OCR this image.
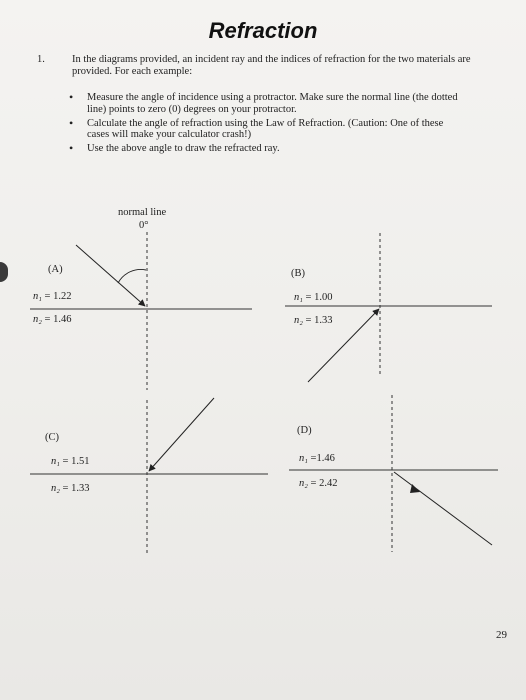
Refraction
1.	In the diagrams provided, an incident ray and the indices of refraction for the two materials are provided. For each example:
• Measure the angle of incidence using a protractor. Make sure the normal line (the dotted line) points to zero (0) degrees on your protractor.
• Calculate the angle of refraction using the Law of Refraction. (Caution: One of these cases will make your calculator crash!)
• Use the above angle to draw the refracted ray.
normal line
0°
(A)
n₁ = 1.22
n₂ = 1.46
(B)
n₁ = 1.00
n₂ = 1.33
(C)
n₁ = 1.51
n₂ = 1.33
(D)
n₁ =1.46
n₂ = 2.42
29
